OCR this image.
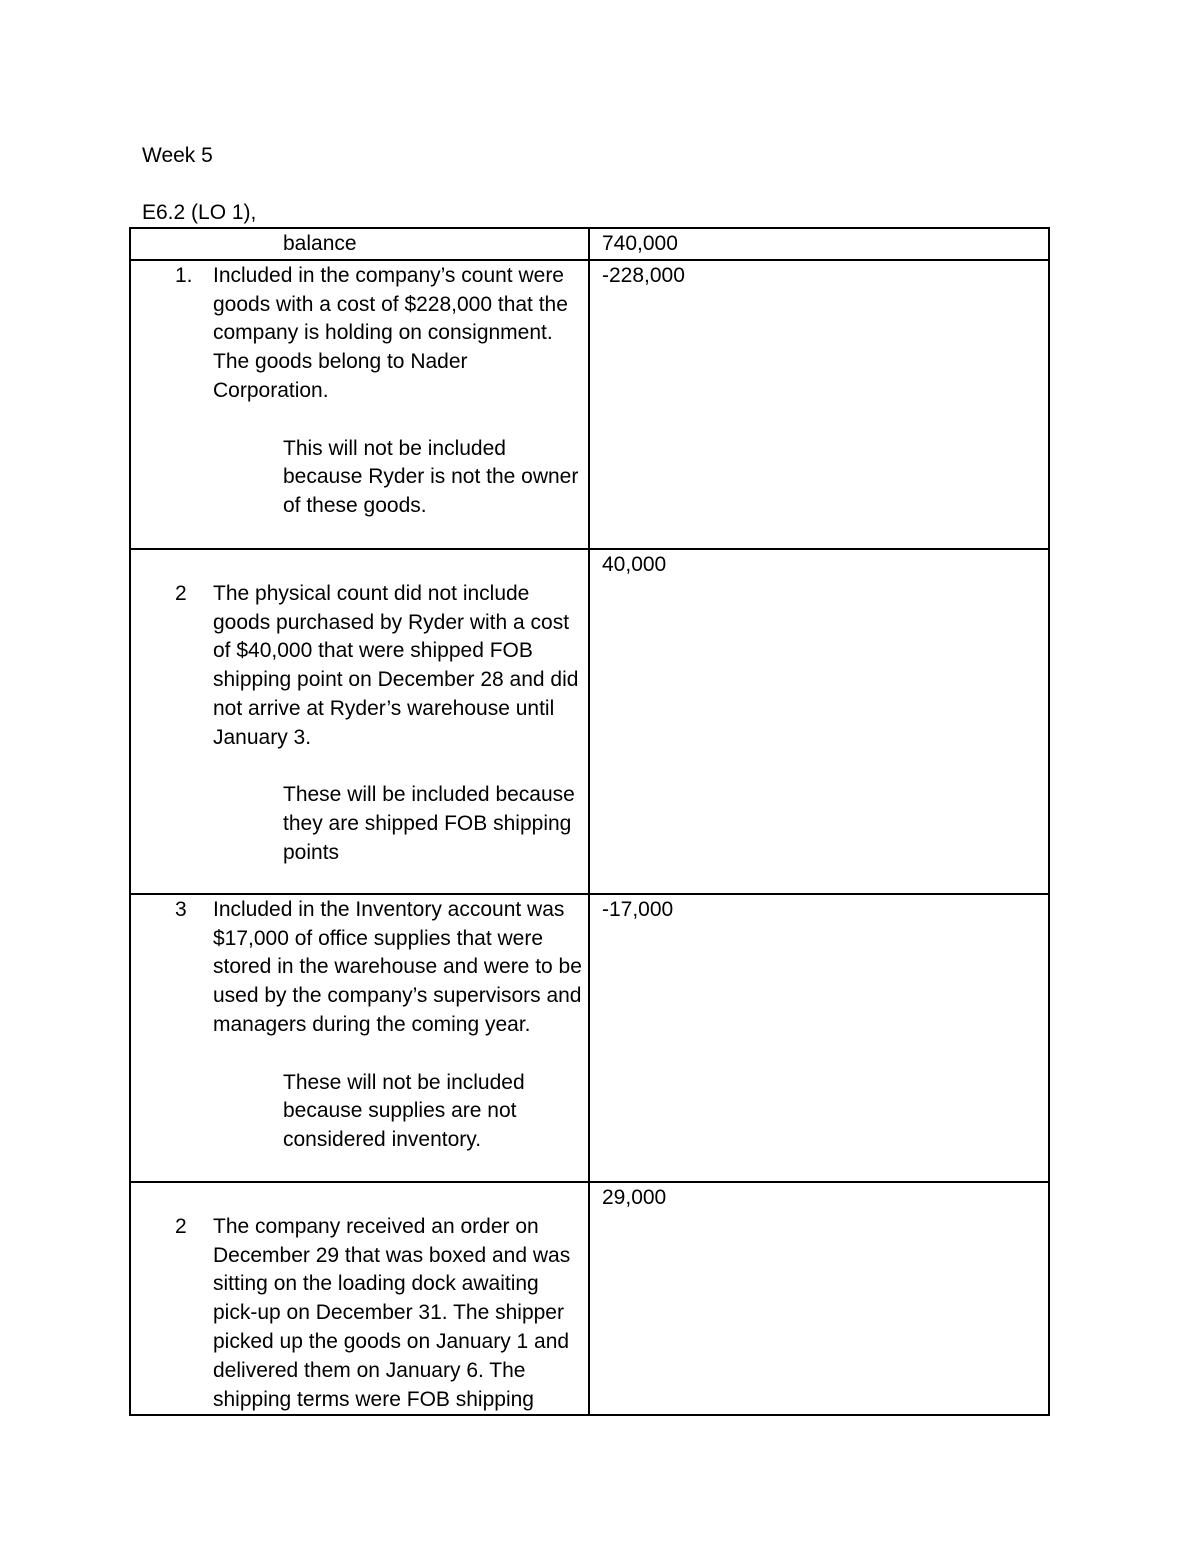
Week 5
E6.2 (LO 1),
balance	740,000

1. Included in the company’s count were goods with a cost of $228,000 that the company is holding on consignment. The goods belong to Nader Corporation.
This will not be included because Ryder is not the owner of these goods.	-228,000

2 The physical count did not include goods purchased by Ryder with a cost of $40,000 that were shipped FOB shipping point on December 28 and did not arrive at Ryder’s warehouse until January 3.
These will be included because they are shipped FOB shipping points	40,000

3 Included in the Inventory account was $17,000 of office supplies that were stored in the warehouse and were to be used by the company’s supervisors and managers during the coming year.
These will not be included because supplies are not considered inventory.	-17,000

2 The company received an order on December 29 that was boxed and was sitting on the loading dock awaiting pick-up on December 31. The shipper picked up the goods on January 1 and delivered them on January 6. The shipping terms were FOB shipping	29,000
